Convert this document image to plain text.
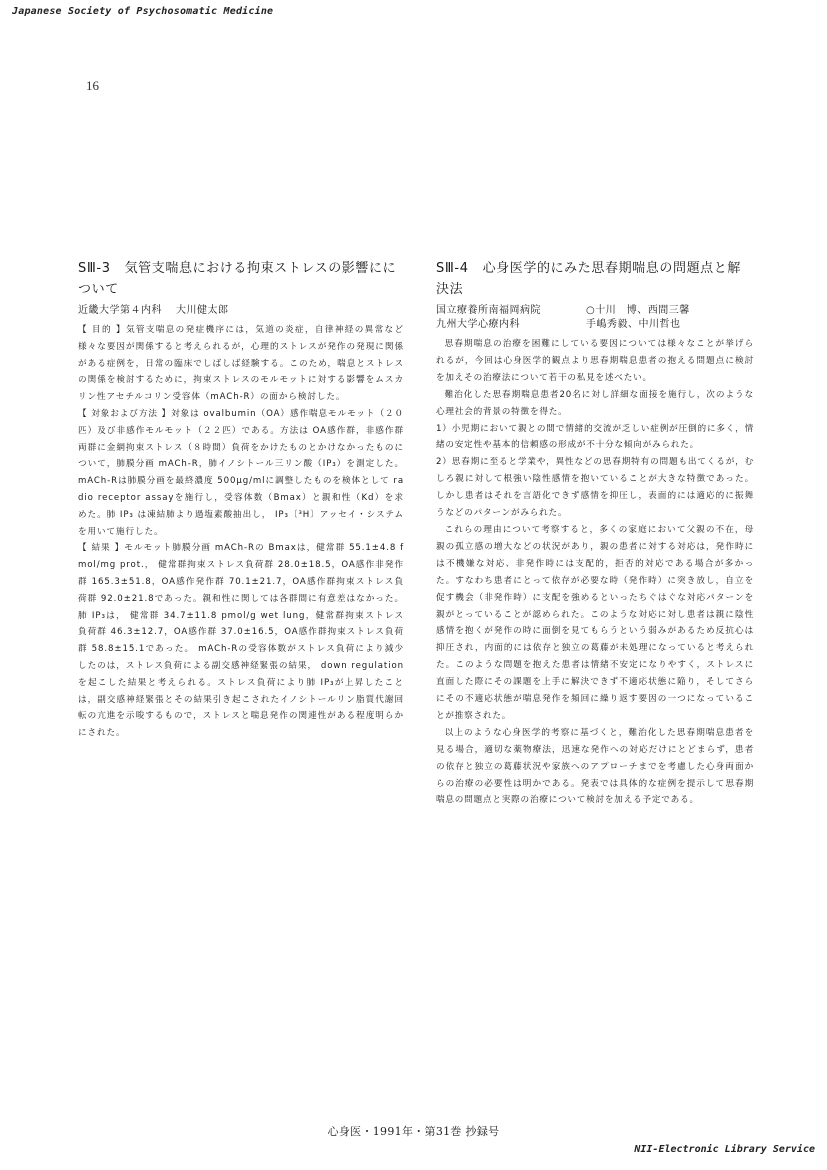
Japanese Society of Psychosomatic Medicine
16
SⅢ-3 気管支喘息における拘束ストレスの影響にについて
近畿大学第４内科 大川健太郎

【 目的 】気管支喘息の発症機序には，気道の炎症，自律神経の異常など様々な要因が関係すると考えられるが，心理的ストレスが発作の発現に関係がある症例を，日常の臨床でしばしば経験する。このため，喘息とストレスの関係を検討するために，拘束ストレスのモルモットに対する影響をムスカリン性アセチルコリン受容体（mACh-R）の面から検討した。

【 対象および方法 】対象は ovalbumin（OA）感作喘息モルモット（２０匹）及び非感作モルモット（２２匹）である。方法は OA感作群，非感作群両群に金網拘束ストレス（８時間）負荷をかけたものとかけなかったものについて，肺膜分画 mACh-R，肺イノシトール三リン酸（IP₃）を測定した。 mACh-Rは肺膜分画を最終濃度 500μg/mlに調整したものを検体として radio receptor assayを施行し，受容体数（Bmax）と親和性（Kd）を求めた。肺 IP₃ は凍結肺より過塩素酸抽出し， IP₃〔³H〕アッセイ・システムを用いて施行した。

【 結果 】モルモット肺膜分画 mACh-Rの Bmaxは，健常群 55.1±4.8 fmol/mg prot.， 健常群拘束ストレス負荷群 28.0±18.5，OA感作非発作群 165.3±51.8，OA感作発作群 70.1±21.7，OA感作群拘束ストレス負荷群 92.0±21.8であった。親和性に関しては各群間に有意差はなかった。肺 IP₃は， 健常群 34.7±11.8 pmol/g wet lung，健常群拘束ストレス負荷群 46.3±12.7，OA感作群 37.0±16.5，OA感作群拘束ストレス負荷群 58.8±15.1であった。 mACh-Rの受容体数がストレス負荷により減少したのは，ストレス負荷による副交感神経緊張の結果， down regulationを起こした結果と考えられる。ストレス負荷により肺 IP₃が上昇したことは，副交感神経緊張とその結果引き起こされたイノシトールリン脂質代謝回転の亢進を示唆するもので，ストレスと喘息発作の関連性がある程度明らかにされた。

SⅢ-4 心身医学的にみた思春期喘息の問題点と解決法
国立療養所南福岡病院	○十川　博、西間三馨
九州大学心療内科	手嶋秀毅、中川哲也

思春期喘息の治療を困難にしている要因については様々なことが挙げられるが，今回は心身医学的観点より思春期喘息患者の抱える問題点に検討を加えその治療法について若干の私見を述べたい。

難治化した思春期喘息患者20名に対し詳細な面接を施行し，次のような心理社会的背景の特徴を得た。

1）小児期において親との間で情緒的交流が乏しい症例が圧倒的に多く，情緒の安定性や基本的信頼感の形成が不十分な傾向がみられた。

2）思春期に至ると学業や，異性などの思春期特有の問題も出てくるが，むしろ親に対して根強い陰性感情を抱いていることが大きな特徴であった。しかし患者はそれを言語化できず感情を抑圧し，表面的には適応的に振舞うなどのパターンがみられた。

これらの理由について考察すると，多くの家庭において父親の不在，母親の孤立感の増大などの状況があり，親の患者に対する対応は，発作時には不機嫌な対応、非発作時には支配的，拒否的対応である場合が多かった。すなわち患者にとって依存が必要な時（発作時）に突き放し，自立を促す機会（非発作時）に支配を強めるといったちぐはぐな対応パターンを親がとっていることが認められた。このような対応に対し患者は親に陰性感情を抱くが発作の時に面倒を見てもらうという弱みがあるため反抗心は抑圧され，内面的には依存と独立の葛藤が未処理になっていると考えられた。このような問題を抱えた患者は情緒不安定になりやすく，ストレスに直面した際にその課題を上手に解決できず不適応状態に陥り，そしてさらにその不適応状態が喘息発作を頻回に繰り返す要因の一つになっていることが推察された。

以上のような心身医学的考察に基づくと，難治化した思春期喘息患者を見る場合，適切な薬物療法，迅速な発作への対応だけにとどまらず，患者の依存と独立の葛藤状況や家族へのアプローチまでを考慮した心身両面からの治療の必要性は明かである。発表では具体的な症例を提示して思春期喘息の問題点と実際の治療について検討を加える予定である。

心身医・1991年・第31巻 抄録号
NII-Electronic Library Service
